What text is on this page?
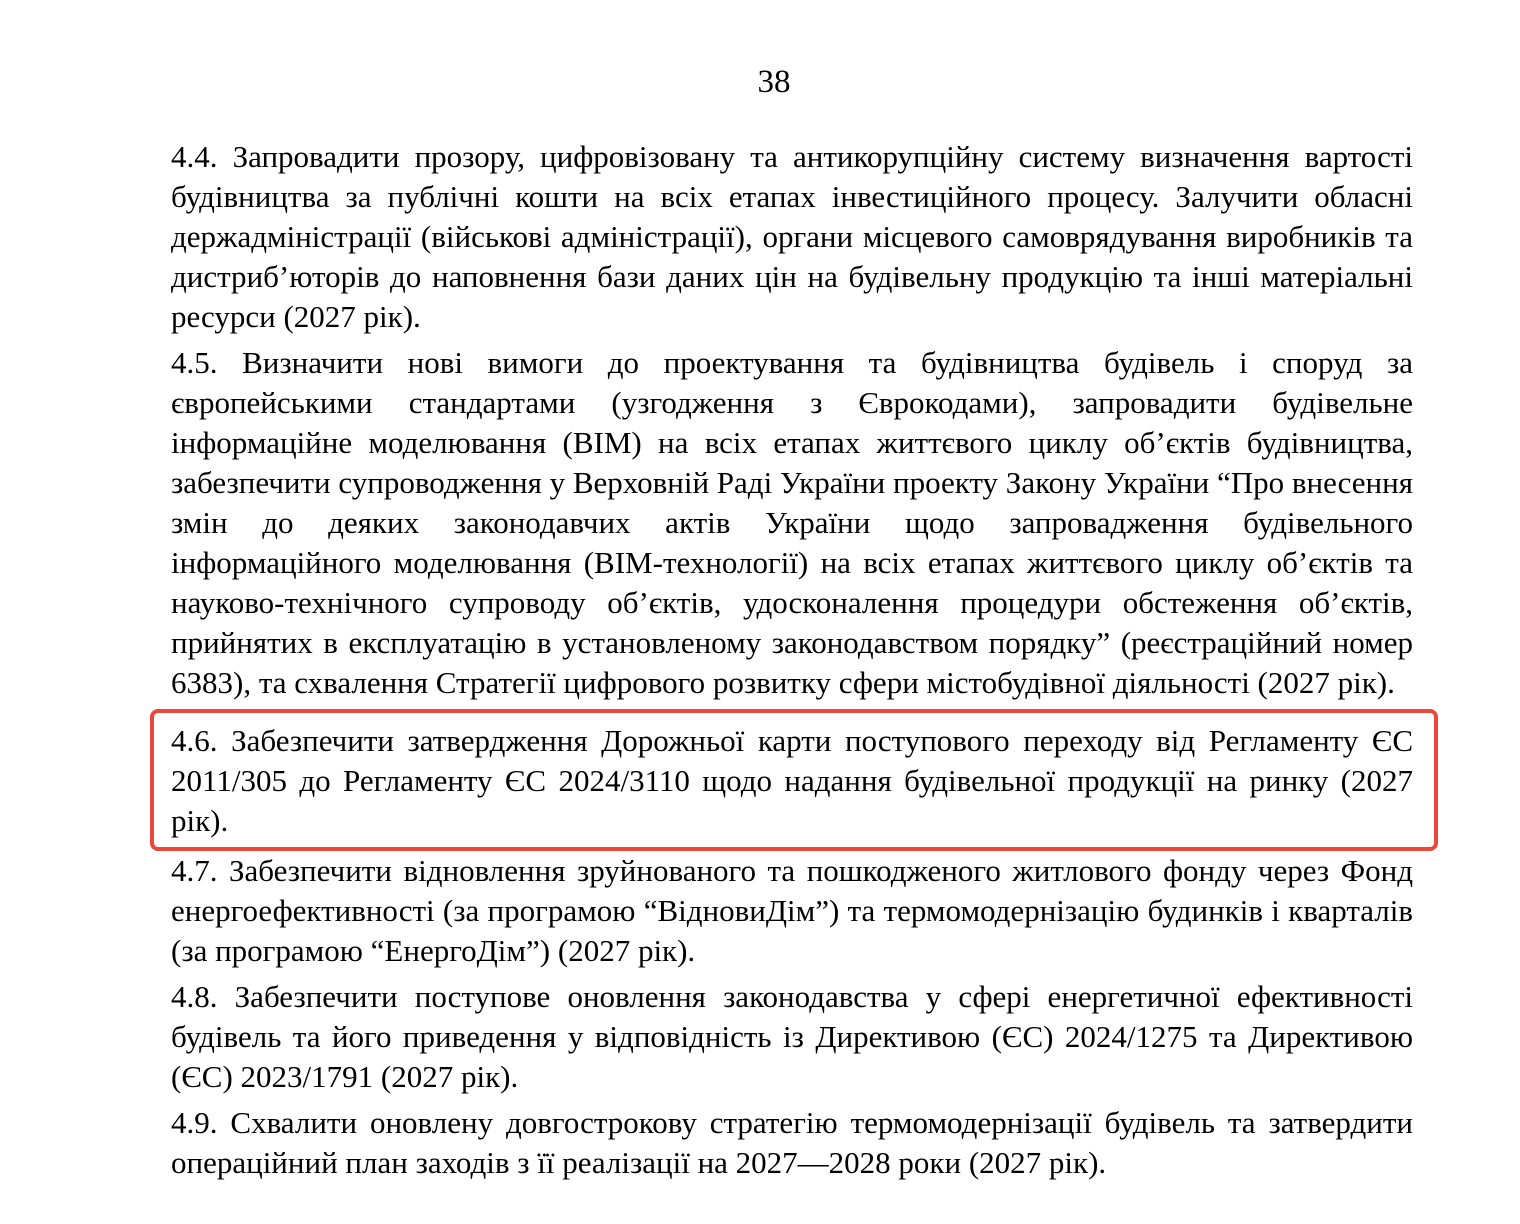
38

4.4. Запровадити прозору, цифровізовану та антикорупційну систему визначення вартості будівництва за публічні кошти на всіх етапах інвестиційного процесу. Залучити обласні держадміністрації (військові адміністрації), органи місцевого самоврядування виробників та дистриб’юторів до наповнення бази даних цін на будівельну продукцію та інші матеріальні ресурси (2027 рік).

4.5. Визначити нові вимоги до проектування та будівництва будівель і споруд за європейськими стандартами (узгодження з Єврокодами), запровадити будівельне інформаційне моделювання (BIM) на всіх етапах життєвого циклу об’єктів будівництва, забезпечити супроводження у Верховній Раді України проекту Закону України “Про внесення змін до деяких законодавчих актів України щодо запровадження будівельного інформаційного моделювання (BIM-технології) на всіх етапах життєвого циклу об’єктів та науково-технічного супроводу об’єктів, удосконалення процедури обстеження об’єктів, прийнятих в експлуатацію в установленому законодавством порядку” (реєстраційний номер 6383), та схвалення Стратегії цифрового розвитку сфери містобудівної діяльності (2027 рік).

4.6. Забезпечити затвердження Дорожньої карти поступового переходу від Регламенту ЄС 2011/305 до Регламенту ЄС 2024/3110 щодо надання будівельної продукції на ринку (2027 рік).

4.7. Забезпечити відновлення зруйнованого та пошкодженого житлового фонду через Фонд енергоефективності (за програмою “ВідновиДім”) та термомодернізацію будинків і кварталів (за програмою “ЕнергоДім”) (2027 рік).

4.8. Забезпечити поступове оновлення законодавства у сфері енергетичної ефективності будівель та його приведення у відповідність із Директивою (ЄС) 2024/1275 та Директивою (ЄС) 2023/1791 (2027 рік).

4.9. Схвалити оновлену довгострокову стратегію термомодернізації будівель та затвердити операційний план заходів з її реалізації на 2027—2028 роки (2027 рік).
